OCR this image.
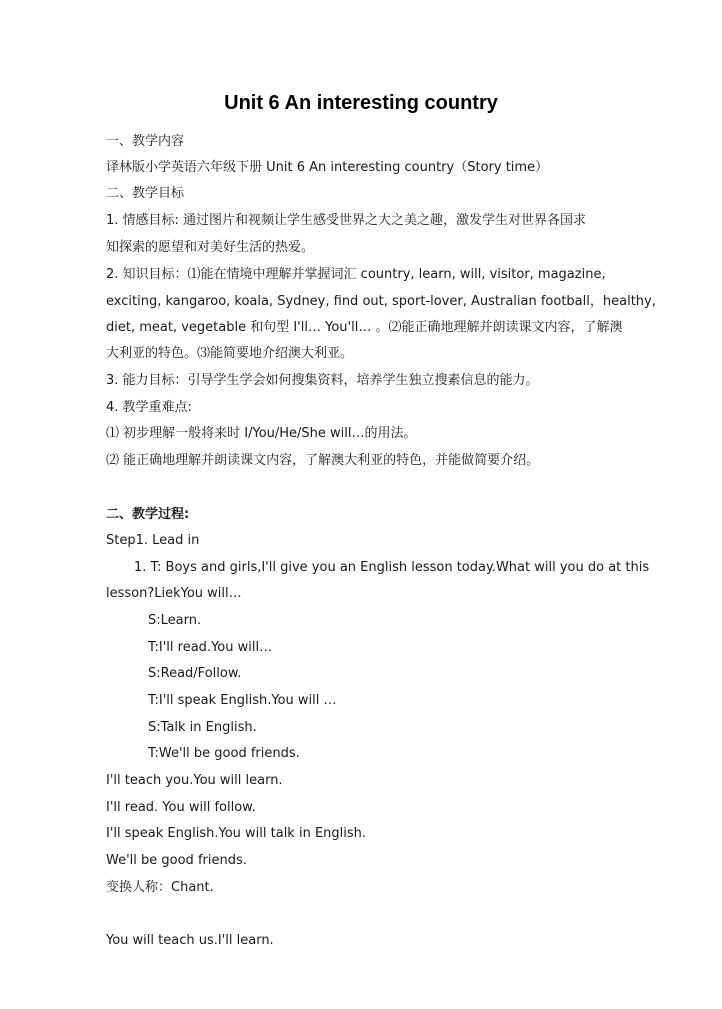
Unit 6 An interesting country
一、教学内容
译林版小学英语六年级下册 Unit 6 An interesting country（Story time）
二、教学目标
1. 情感目标: 通过图片和视频让学生感受世界之大之美之趣，激发学生对世界各国求
知探索的愿望和对美好生活的热爱。
2. 知识目标：⑴能在情境中理解并掌握词汇 country, learn, will, visitor, magazine,
exciting, kangaroo, koala, Sydney, find out, sport-lover, Australian football，healthy,
diet, meat, vegetable 和句型 I'll… You'll… 。⑵能正确地理解并朗读课文内容，了解澳
大利亚的特色。⑶能简要地介绍澳大利亚。
3. 能力目标：引导学生学会如何搜集资料，培养学生独立搜素信息的能力。
4. 教学重难点:
⑴ 初步理解一般将来时 I/You/He/She will…的用法。
⑵ 能正确地理解并朗读课文内容，了解澳大利亚的特色，并能做简要介绍。
二、教学过程:
Step1. Lead in
1. T: Boys and girls,I'll give you an English lesson today.What will you do at this
lesson?LiekYou will…
S:Learn.
T:I'll read.You will…
S:Read/Follow.
T:I'll speak English.You will …
S:Talk in English.
T:We'll be good friends.
I'll teach you.You will learn.
I'll read. You will follow.
I'll speak English.You will talk in English.
We'll be good friends.
变换人称：Chant.
You will teach us.I'll learn.
